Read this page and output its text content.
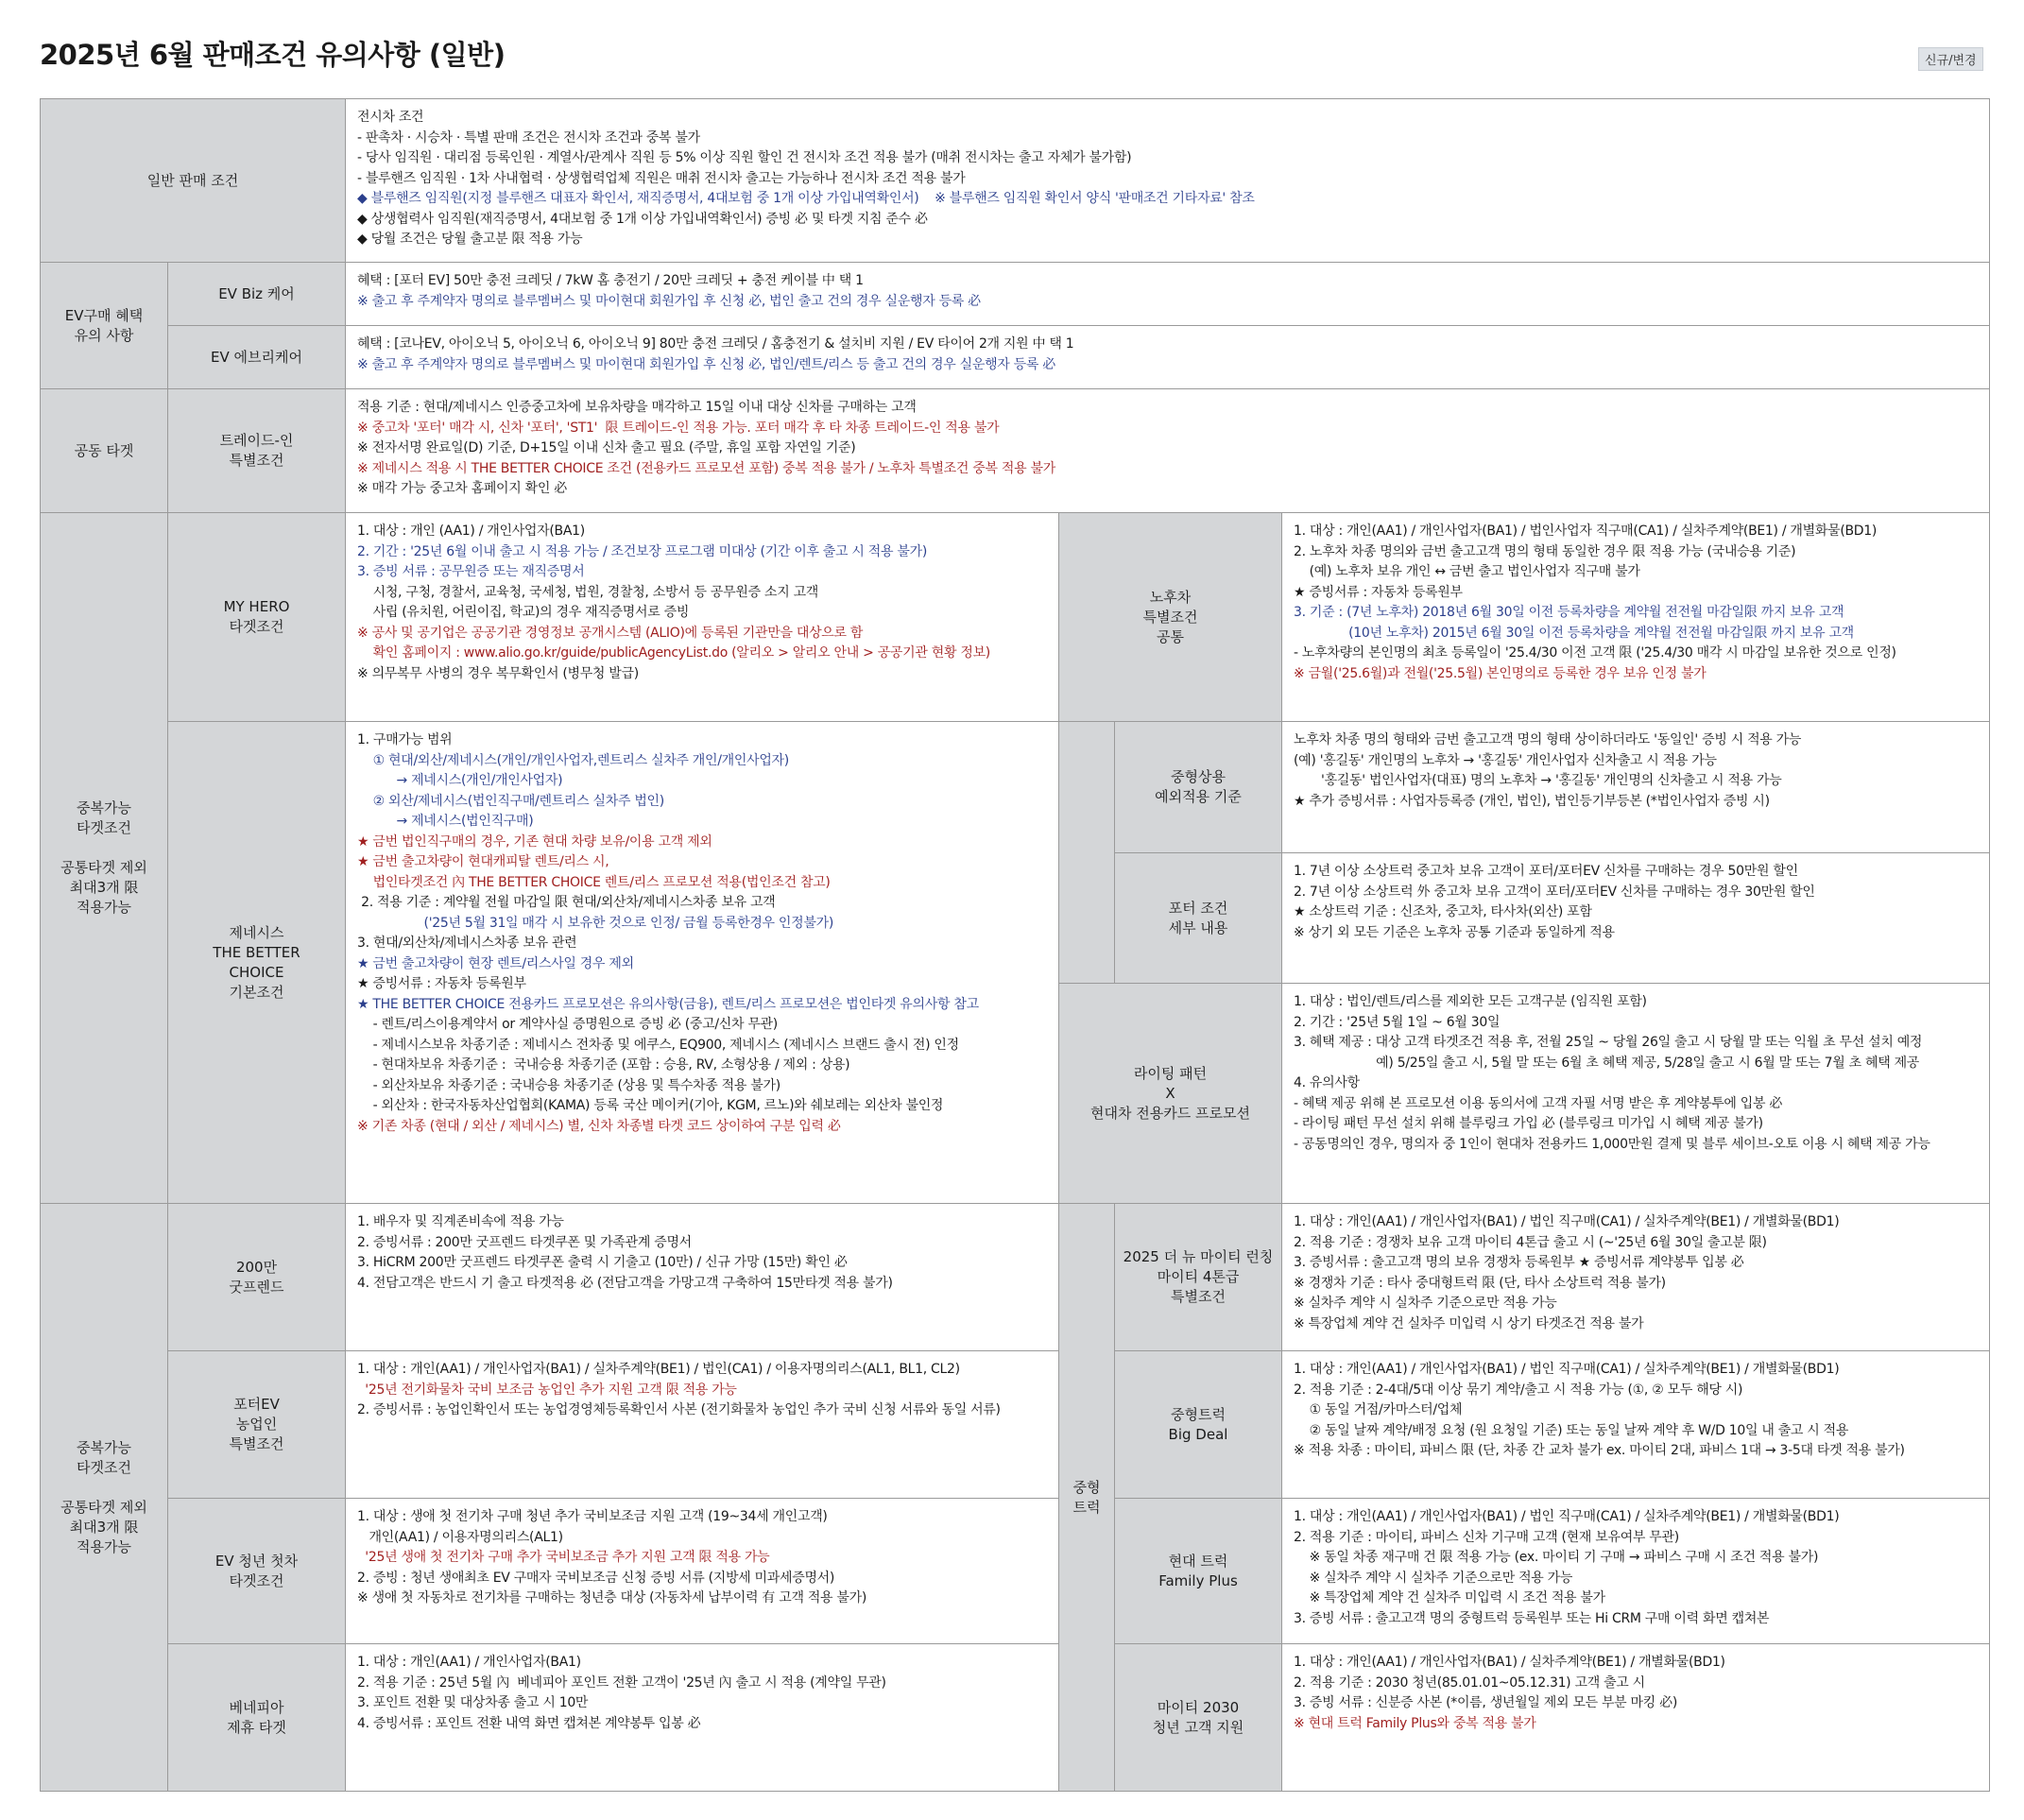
2025년 6월 판매조건 유의사항 (일반)	신규/변경
일반 판매 조건
전시차 조건
- 판촉차 · 시승차 · 특별 판매 조건은 전시차 조건과 중복 불가
- 당사 임직원 · 대리점 등록인원 · 계열사/관계사 직원 등 5% 이상 직원 할인 건 전시차 조건 적용 불가 (매취 전시차는 출고 자체가 불가함)
- 블루핸즈 임직원 · 1차 사내협력 · 상생협력업체 직원은 매취 전시차 출고는 가능하나 전시차 조건 적용 불가
◆ 블루핸즈 임직원(지정 블루핸즈 대표자 확인서, 재직증명서, 4대보험 중 1개 이상 가입내역확인서)    ※ 블루핸즈 임직원 확인서 양식 '판매조건 기타자료' 참조
◆ 상생협력사 임직원(재직증명서, 4대보험 중 1개 이상 가입내역확인서) 증빙 必 및 타겟 지침 준수 必
◆ 당월 조건은 당월 출고분 限 적용 가능
EV구매 혜택
유의 사항
EV Biz 케어
혜택 : [포터 EV] 50만 충전 크레딧 / 7kW 홈 충전기 / 20만 크레딧 + 충전 케이블 中 택 1
※ 출고 후 주계약자 명의로 블루멤버스 및 마이현대 회원가입 후 신청 必, 법인 출고 건의 경우 실운행자 등록 必
EV 에브리케어
혜택 : [코나EV, 아이오닉 5, 아이오닉 6, 아이오닉 9] 80만 충전 크레딧 / 홈충전기 & 설치비 지원 / EV 타이어 2개 지원 中 택 1
※ 출고 후 주계약자 명의로 블루멤버스 및 마이현대 회원가입 후 신청 必, 법인/렌트/리스 등 출고 건의 경우 실운행자 등록 必
공동 타겟
트레이드-인
특별조건
적용 기준 : 현대/제네시스 인증중고차에 보유차량을 매각하고 15일 이내 대상 신차를 구매하는 고객
※ 중고차 '포터' 매각 시, 신차 '포터', 'ST1'  限 트레이드-인 적용 가능. 포터 매각 후 타 차종 트레이드-인 적용 불가
※ 전자서명 완료일(D) 기준, D+15일 이내 신차 출고 필요 (주말, 휴일 포함 자연일 기준)
※ 제네시스 적용 시 THE BETTER CHOICE 조건 (전용카드 프로모션 포함) 중복 적용 불가 / 노후차 특별조건 중복 적용 불가
※ 매각 가능 중고차 홈페이지 확인 必
중복가능
타겟조건

공통타겟 제외
최대3개 限
적용가능
MY HERO
타겟조건
1. 대상 : 개인 (AA1) / 개인사업자(BA1)
2. 기간 : '25년 6월 이내 출고 시 적용 가능 / 조건보장 프로그램 미대상 (기간 이후 출고 시 적용 불가)
3. 증빙 서류 : 공무원증 또는 재직증명서
시청, 구청, 경찰서, 교육청, 국세청, 법원, 경찰청, 소방서 등 공무원증 소지 고객
사립 (유치원, 어린이집, 학교)의 경우 재직증명서로 증빙
※ 공사 및 공기업은 공공기관 경영정보 공개시스템 (ALIO)에 등록된 기관만을 대상으로 함
확인 홈페이지 : www.alio.go.kr/guide/publicAgencyList.do (알리오 > 알리오 안내 > 공공기관 현황 정보)
※ 의무복무 사병의 경우 복무확인서 (병무청 발급)
제네시스
THE BETTER
CHOICE
기본조건
1. 구매가능 범위
① 현대/외산/제네시스(개인/개인사업자,렌트리스 실차주 개인/개인사업자)
→ 제네시스(개인/개인사업자)
② 외산/제네시스(법인직구매/렌트리스 실차주 법인)
→ 제네시스(법인직구매)
★ 금번 법인직구매의 경우, 기존 현대 차량 보유/이용 고객 제외
★ 금번 출고차량이 현대캐피탈 렌트/리스 시,
법인타겟조건 內 THE BETTER CHOICE 렌트/리스 프로모션 적용(법인조건 참고)
2. 적용 기준 : 계약월 전월 마감일 限 현대/외산차/제네시스차종 보유 고객
('25년 5월 31일 매각 시 보유한 것으로 인정/ 금월 등록한경우 인정불가)
3. 현대/외산차/제네시스차종 보유 관련
★ 금번 출고차량이 현장 렌트/리스사일 경우 제외
★ 증빙서류 : 자동차 등록원부
★ THE BETTER CHOICE 전용카드 프로모션은 유의사항(금융), 렌트/리스 프로모션은 법인타겟 유의사항 참고
- 렌트/리스이용계약서 or 계약사실 증명원으로 증빙 必 (중고/신차 무관)
- 제네시스보유 차종기준 : 제네시스 전차종 및 에쿠스, EQ900, 제네시스 (제네시스 브랜드 출시 전) 인정
- 현대차보유 차종기준 :  국내승용 차종기준 (포함 : 승용, RV, 소형상용 / 제외 : 상용)
- 외산차보유 차종기준 : 국내승용 차종기준 (상용 및 특수차종 적용 불가)
- 외산차 : 한국자동차산업협회(KAMA) 등록 국산 메이커(기아, KGM, 르노)와 쉐보레는 외산차 불인정
※ 기존 차종 (현대 / 외산 / 제네시스) 별, 신차 차종별 타겟 코드 상이하여 구분 입력 必
노후차
특별조건
공통
1. 대상 : 개인(AA1) / 개인사업자(BA1) / 법인사업자 직구매(CA1) / 실차주계약(BE1) / 개별화물(BD1)
2. 노후차 차종 명의와 금번 출고고객 명의 형태 동일한 경우 限 적용 가능 (국내승용 기준)
(예) 노후차 보유 개인 ↔ 금번 출고 법인사업자 직구매 불가
★ 증빙서류 : 자동차 등록원부
3. 기준 : (7년 노후차) 2018년 6월 30일 이전 등록차량을 계약월 전전월 마감일限 까지 보유 고객
(10년 노후차) 2015년 6월 30일 이전 등록차량을 계약월 전전월 마감일限 까지 보유 고객
- 노후차량의 본인명의 최초 등록일이 '25.4/30 이전 고객 限 ('25.4/30 매각 시 마감일 보유한 것으로 인정)
※ 금월('25.6월)과 전월('25.5월) 본인명의로 등록한 경우 보유 인정 불가
중형상용
예외적용 기준
노후차 차종 명의 형태와 금번 출고고객 명의 형태 상이하더라도 '동일인' 증빙 시 적용 가능
(예) '홍길동' 개인명의 노후차 → '홍길동' 개인사업자 신차출고 시 적용 가능
'홍길동' 법인사업자(대표) 명의 노후차 → '홍길동' 개인명의 신차출고 시 적용 가능
★ 추가 증빙서류 : 사업자등록증 (개인, 법인), 법인등기부등본 (*법인사업자 증빙 시)
포터 조건
세부 내용
1. 7년 이상 소상트럭 중고차 보유 고객이 포터/포터EV 신차를 구매하는 경우 50만원 할인
2. 7년 이상 소상트럭 外 중고차 보유 고객이 포터/포터EV 신차를 구매하는 경우 30만원 할인
★ 소상트럭 기준 : 신조차, 중고차, 타사차(외산) 포함
※ 상기 외 모든 기준은 노후차 공통 기준과 동일하게 적용
라이팅 패턴
X
현대차 전용카드 프로모션
1. 대상 : 법인/렌트/리스를 제외한 모든 고객구분 (임직원 포함)
2. 기간 : '25년 5월 1일 ~ 6월 30일
3. 혜택 제공 : 대상 고객 타겟조건 적용 후, 전월 25일 ~ 당월 26일 출고 시 당월 말 또는 익월 초 무선 설치 예정
예) 5/25일 출고 시, 5월 말 또는 6월 초 혜택 제공, 5/28일 출고 시 6월 말 또는 7월 초 혜택 제공
4. 유의사항
- 혜택 제공 위해 본 프로모션 이용 동의서에 고객 자필 서명 받은 후 계약봉투에 입봉 必
- 라이팅 패턴 무선 설치 위해 블루링크 가입 必 (블루링크 미가입 시 혜택 제공 불가)
- 공동명의인 경우, 명의자 중 1인이 현대차 전용카드 1,000만원 결제 및 블루 세이브-오토 이용 시 혜택 제공 가능
중복가능
타겟조건

공통타겟 제외
최대3개 限
적용가능
200만
굿프렌드
1. 배우자 및 직계존비속에 적용 가능
2. 증빙서류 : 200만 굿프렌드 타겟쿠폰 및 가족관계 증명서
3. HiCRM 200만 굿프렌드 타겟쿠폰 출력 시 기출고 (10만) / 신규 가망 (15만) 확인 必
4. 전담고객은 반드시 기 출고 타겟적용 必 (전담고객을 가망고객 구축하여 15만타겟 적용 불가)
포터EV
농업인
특별조건
1. 대상 : 개인(AA1) / 개인사업자(BA1) / 실차주계약(BE1) / 법인(CA1) / 이용자명의리스(AL1, BL1, CL2)
'25년 전기화물차 국비 보조금 농업인 추가 지원 고객 限 적용 가능
2. 증빙서류 : 농업인확인서 또는 농업경영체등록확인서 사본 (전기화물차 농업인 추가 국비 신청 서류와 동일 서류)
EV 청년 첫차
타겟조건
1. 대상 : 생애 첫 전기차 구매 청년 추가 국비보조금 지원 고객 (19~34세 개인고객)
개인(AA1) / 이용자명의리스(AL1)
'25년 생애 첫 전기차 구매 추가 국비보조금 추가 지원 고객 限 적용 가능
2. 증빙 : 청년 생애최초 EV 구매자 국비보조금 신청 증빙 서류 (지방세 미과세증명서)
※ 생애 첫 자동차로 전기차를 구매하는 청년층 대상 (자동차세 납부이력 有 고객 적용 불가)
베네피아
제휴 타겟
1. 대상 : 개인(AA1) / 개인사업자(BA1)
2. 적용 기준 : 25년 5월 內  베네피아 포인트 전환 고객이 '25년 內 출고 시 적용 (계약일 무관)
3. 포인트 전환 및 대상차종 출고 시 10만
4. 증빙서류 : 포인트 전환 내역 화면 캡쳐본 계약봉투 입봉 必
중형
트럭
2025 더 뉴 마이티 런칭
마이티 4톤급
특별조건
1. 대상 : 개인(AA1) / 개인사업자(BA1) / 법인 직구매(CA1) / 실차주계약(BE1) / 개별화물(BD1)
2. 적용 기준 : 경쟁차 보유 고객 마이티 4톤급 출고 시 (~'25년 6월 30일 출고분 限)
3. 증빙서류 : 출고고객 명의 보유 경쟁차 등록원부 ★ 증빙서류 계약봉투 입봉 必
※ 경쟁차 기준 : 타사 중대형트럭 限 (단, 타사 소상트럭 적용 불가)
※ 실차주 계약 시 실차주 기준으로만 적용 가능
※ 특장업체 계약 건 실차주 미입력 시 상기 타겟조건 적용 불가
중형트럭
Big Deal
1. 대상 : 개인(AA1) / 개인사업자(BA1) / 법인 직구매(CA1) / 실차주계약(BE1) / 개별화물(BD1)
2. 적용 기준 : 2-4대/5대 이상 묶기 계약/출고 시 적용 가능 (①, ② 모두 해당 시)
① 동일 거점/카마스터/업체
② 동일 날짜 계약/배정 요청 (원 요청일 기준) 또는 동일 날짜 계약 후 W/D 10일 내 출고 시 적용
※ 적용 차종 : 마이티, 파비스 限 (단, 차종 간 교차 불가 ex. 마이티 2대, 파비스 1대 → 3-5대 타겟 적용 불가)
현대 트럭
Family Plus
1. 대상 : 개인(AA1) / 개인사업자(BA1) / 법인 직구매(CA1) / 실차주계약(BE1) / 개별화물(BD1)
2. 적용 기준 : 마이티, 파비스 신차 기구매 고객 (현재 보유여부 무관)
※ 동일 차종 재구매 건 限 적용 가능 (ex. 마이티 기 구매 → 파비스 구매 시 조건 적용 불가)
※ 실차주 계약 시 실차주 기준으로만 적용 가능
※ 특장업체 계약 건 실차주 미입력 시 조건 적용 불가
3. 증빙 서류 : 출고고객 명의 중형트럭 등록원부 또는 Hi CRM 구매 이력 화면 캡쳐본
마이티 2030
청년 고객 지원
1. 대상 : 개인(AA1) / 개인사업자(BA1) / 실차주계약(BE1) / 개별화물(BD1)
2. 적용 기준 : 2030 청년(85.01.01~05.12.31) 고객 출고 시
3. 증빙 서류 : 신분증 사본 (*이름, 생년월일 제외 모든 부분 마킹 必)
※ 현대 트럭 Family Plus와 중복 적용 불가
